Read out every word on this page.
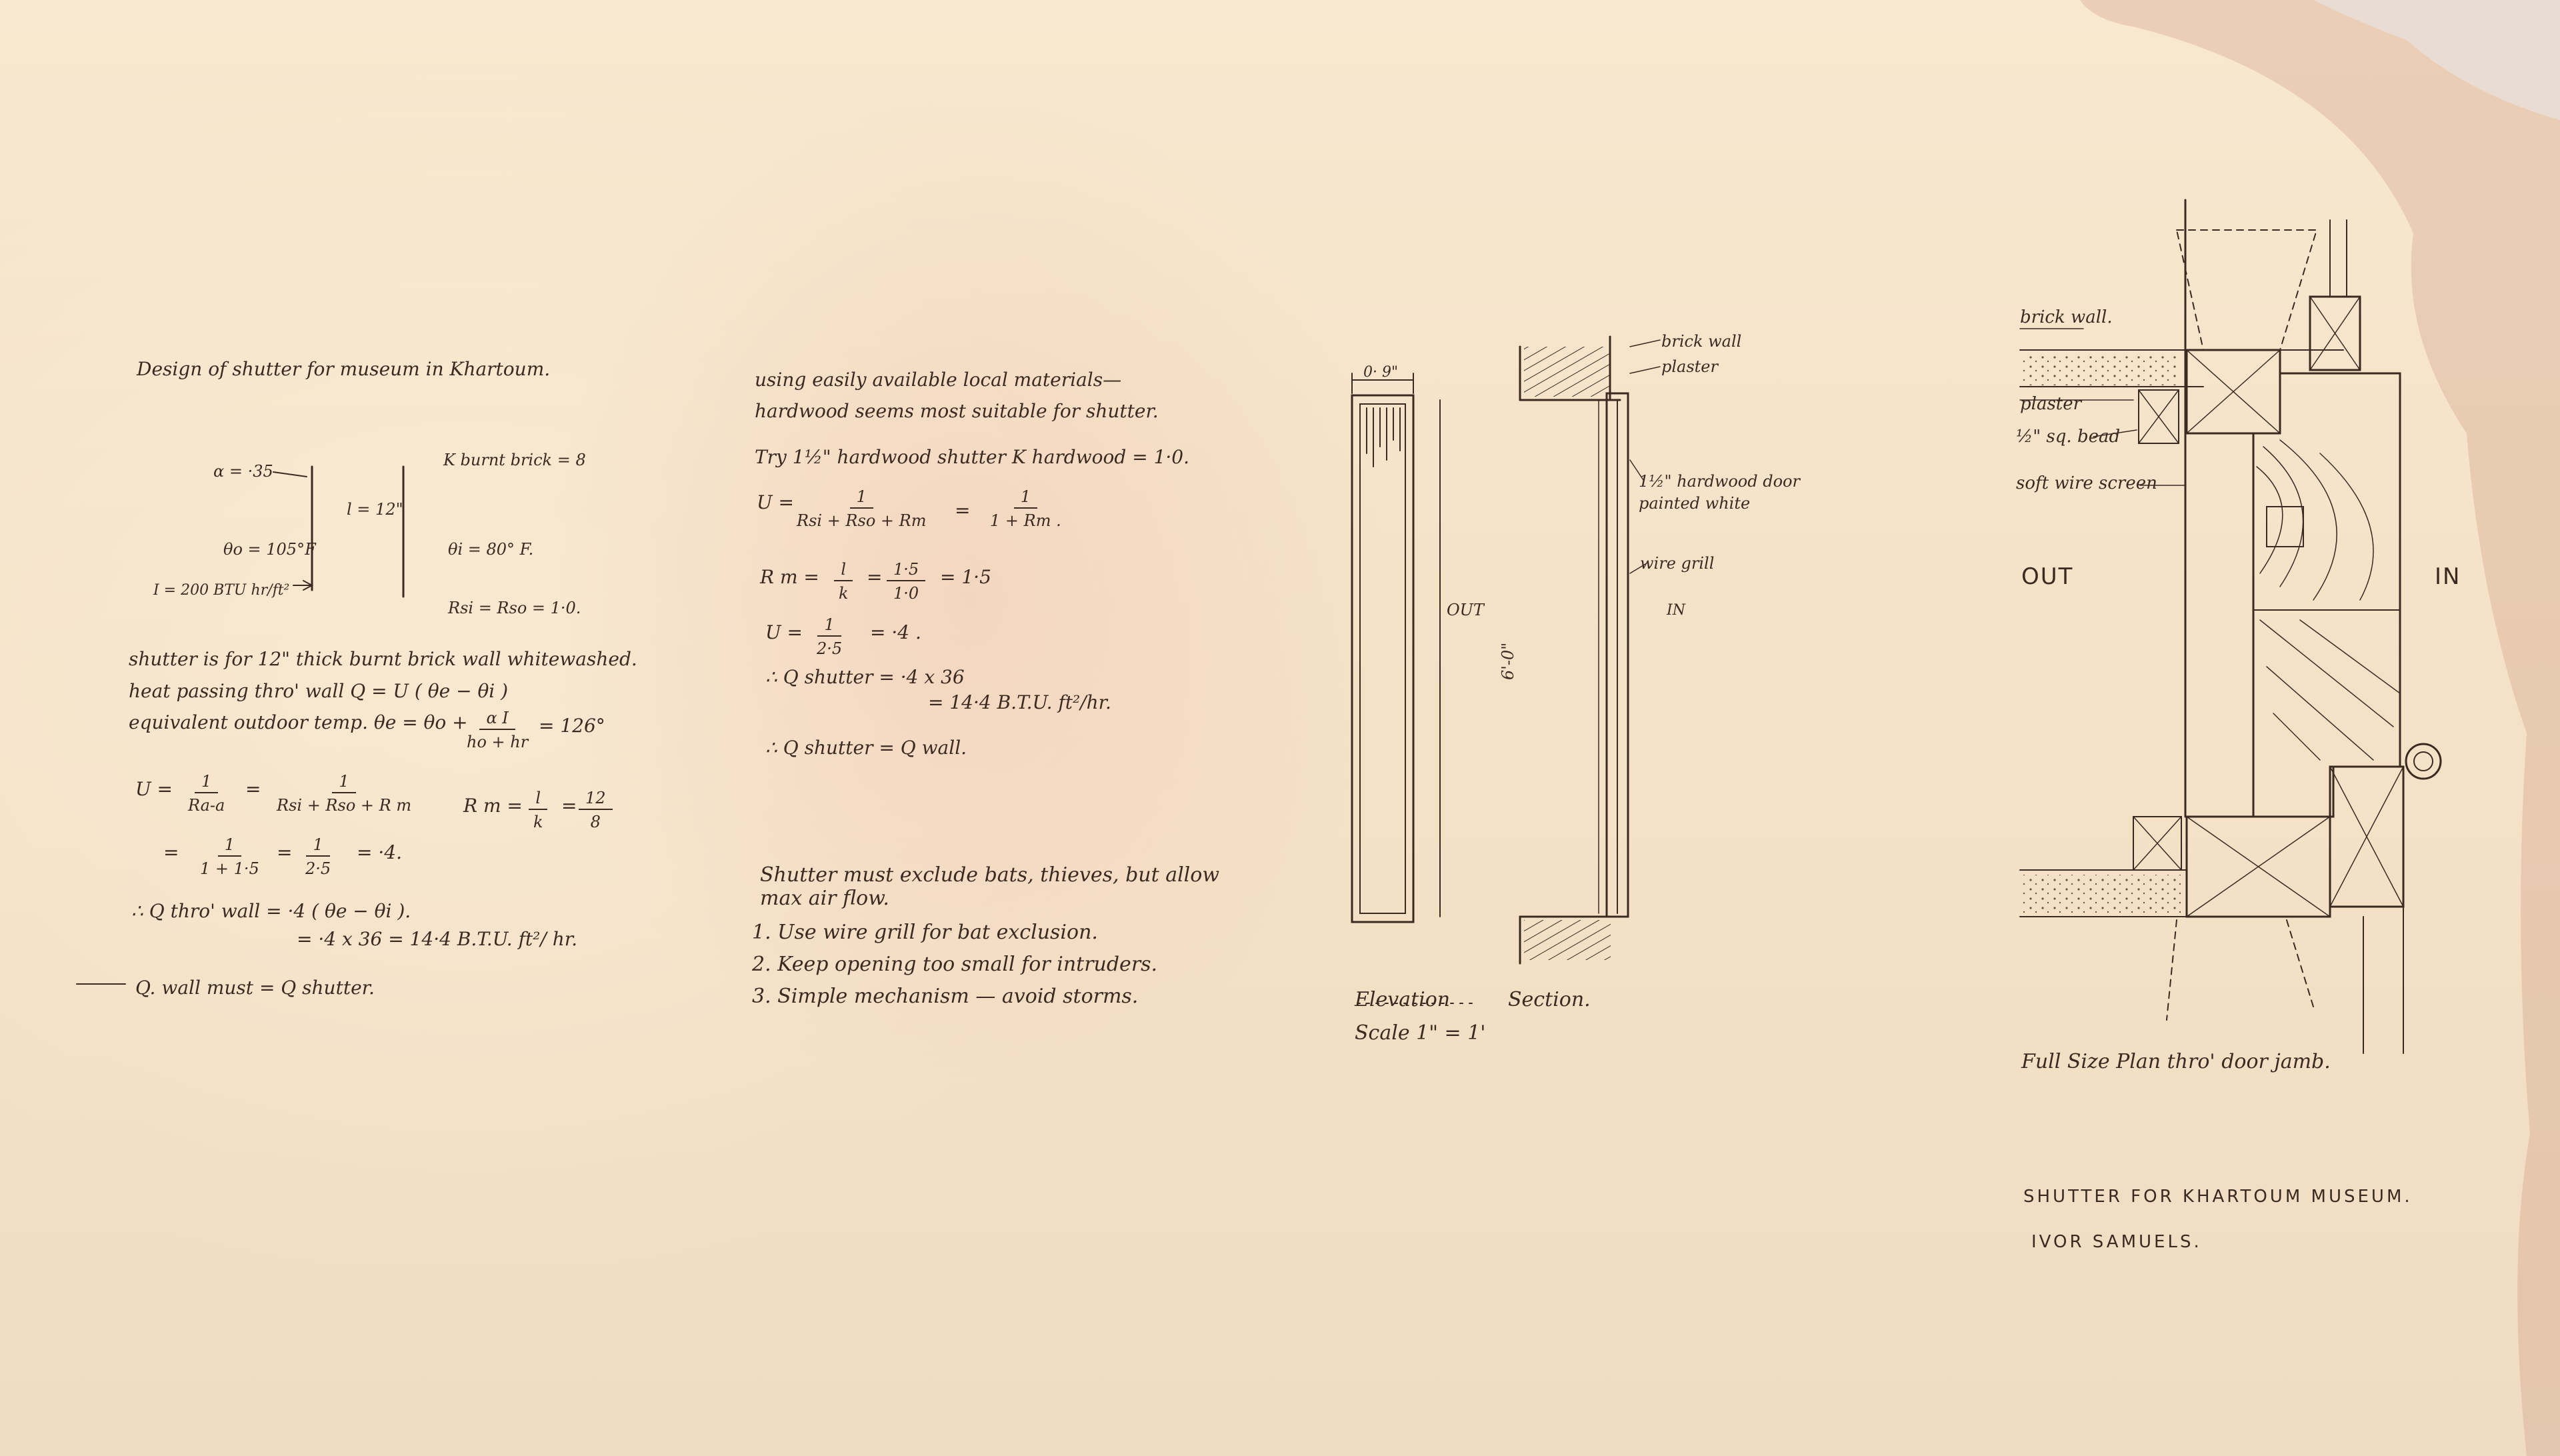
Design of shutter for museum in Khartoum.
α = ·35
θo = 105°F
I = 200 BTU hr/ft²
l = 12"
K burnt brick = 8
θi = 80° F.
Rsi = Rso = 1·0.
shutter is for 12" thick burnt brick wall whitewashed.
heat passing thro' wall Q = U ( θe − θi )
equivalent outdoor temp. θe = θo +
$\frac{\text{α I}}{ho + hr} = 126^\circ$
$U = \frac{1}{Ra-a}$ =	1
Rsi + Rso + R m	R $m = \frac{l}{k} = \frac{12}{8}$
= $\frac{1}{1 + 1\cdot 5} = \frac{1}{2\cdot 5} = \cdot 4$.
∴ Q thro' wall = ·4 ( θe − θi ).
= ·4 x 36 = 14·4 B.T.U. ft²/ hr.
Q. wall must = Q shutter.
using easily available local materials—
hardwood seems most suitable for shutter.
Try 1½" hardwood shutter K hardwood = 1·0.
U =	1
Rsi + Rso + Rm	= $\frac{1}{1 + Rm .}$
R $m = \frac{l}{k} = \frac{1\cdot 5}{1\cdot 0} = 1\cdot 5$
$U = \frac{1}{2\cdot 5} = \cdot 4$ .
∴ Q shutter = ·4 x 36
= 14·4 B.T.U. ft²/hr.
∴ Q shutter = Q wall.
Shutter must exclude bats, thieves, but allow
max air flow.
1. Use wire grill for bat exclusion.
2. Keep opening too small for intruders.
3. Simple mechanism — avoid storms.
0· 9"
OUT	IN
6'-0"
brick wall
plaster
1½" hardwood door
painted white
wire grill
Elevation	Section.
Scale 1" = 1'
brick wall.
plaster
½" sq. bead
soft wire screen
OUT	IN
Full Size Plan thro' door jamb.
SHUTTER FOR KHARTOUM MUSEUM.
IVOR SAMUELS.
